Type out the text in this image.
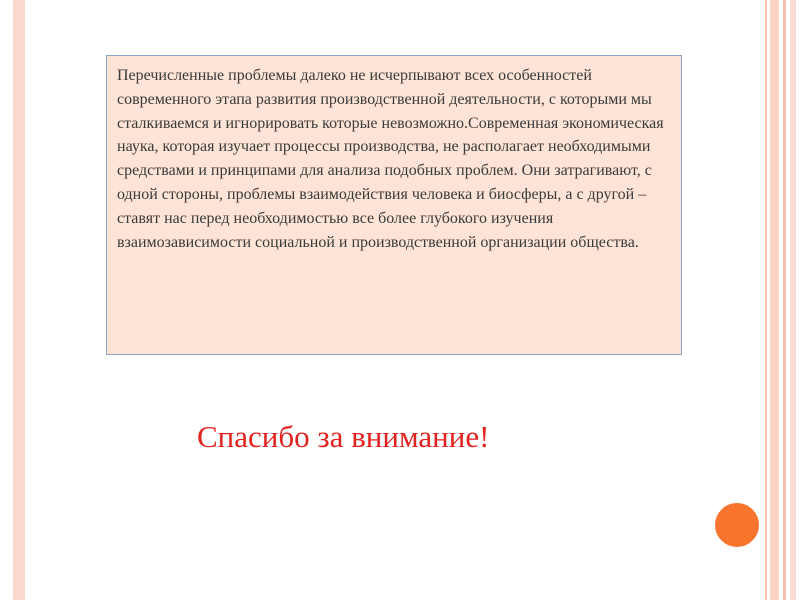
Перечисленные проблемы далеко не исчерпывают всех особенностей современного этапа развития производственной деятельности, с которыми мы сталкиваемся и игнорировать которые невозможно.Современная экономическая наука, которая изучает процессы производства, не располагает необходимыми средствами и принципами для анализа подобных проблем. Они затрагивают, с одной стороны, проблемы взаимодействия человека и биосферы, а с другой – ставят нас перед необходимостью все более глубокого изучения взаимозависимости социальной и производственной организации общества.

Спасибо за внимание!
